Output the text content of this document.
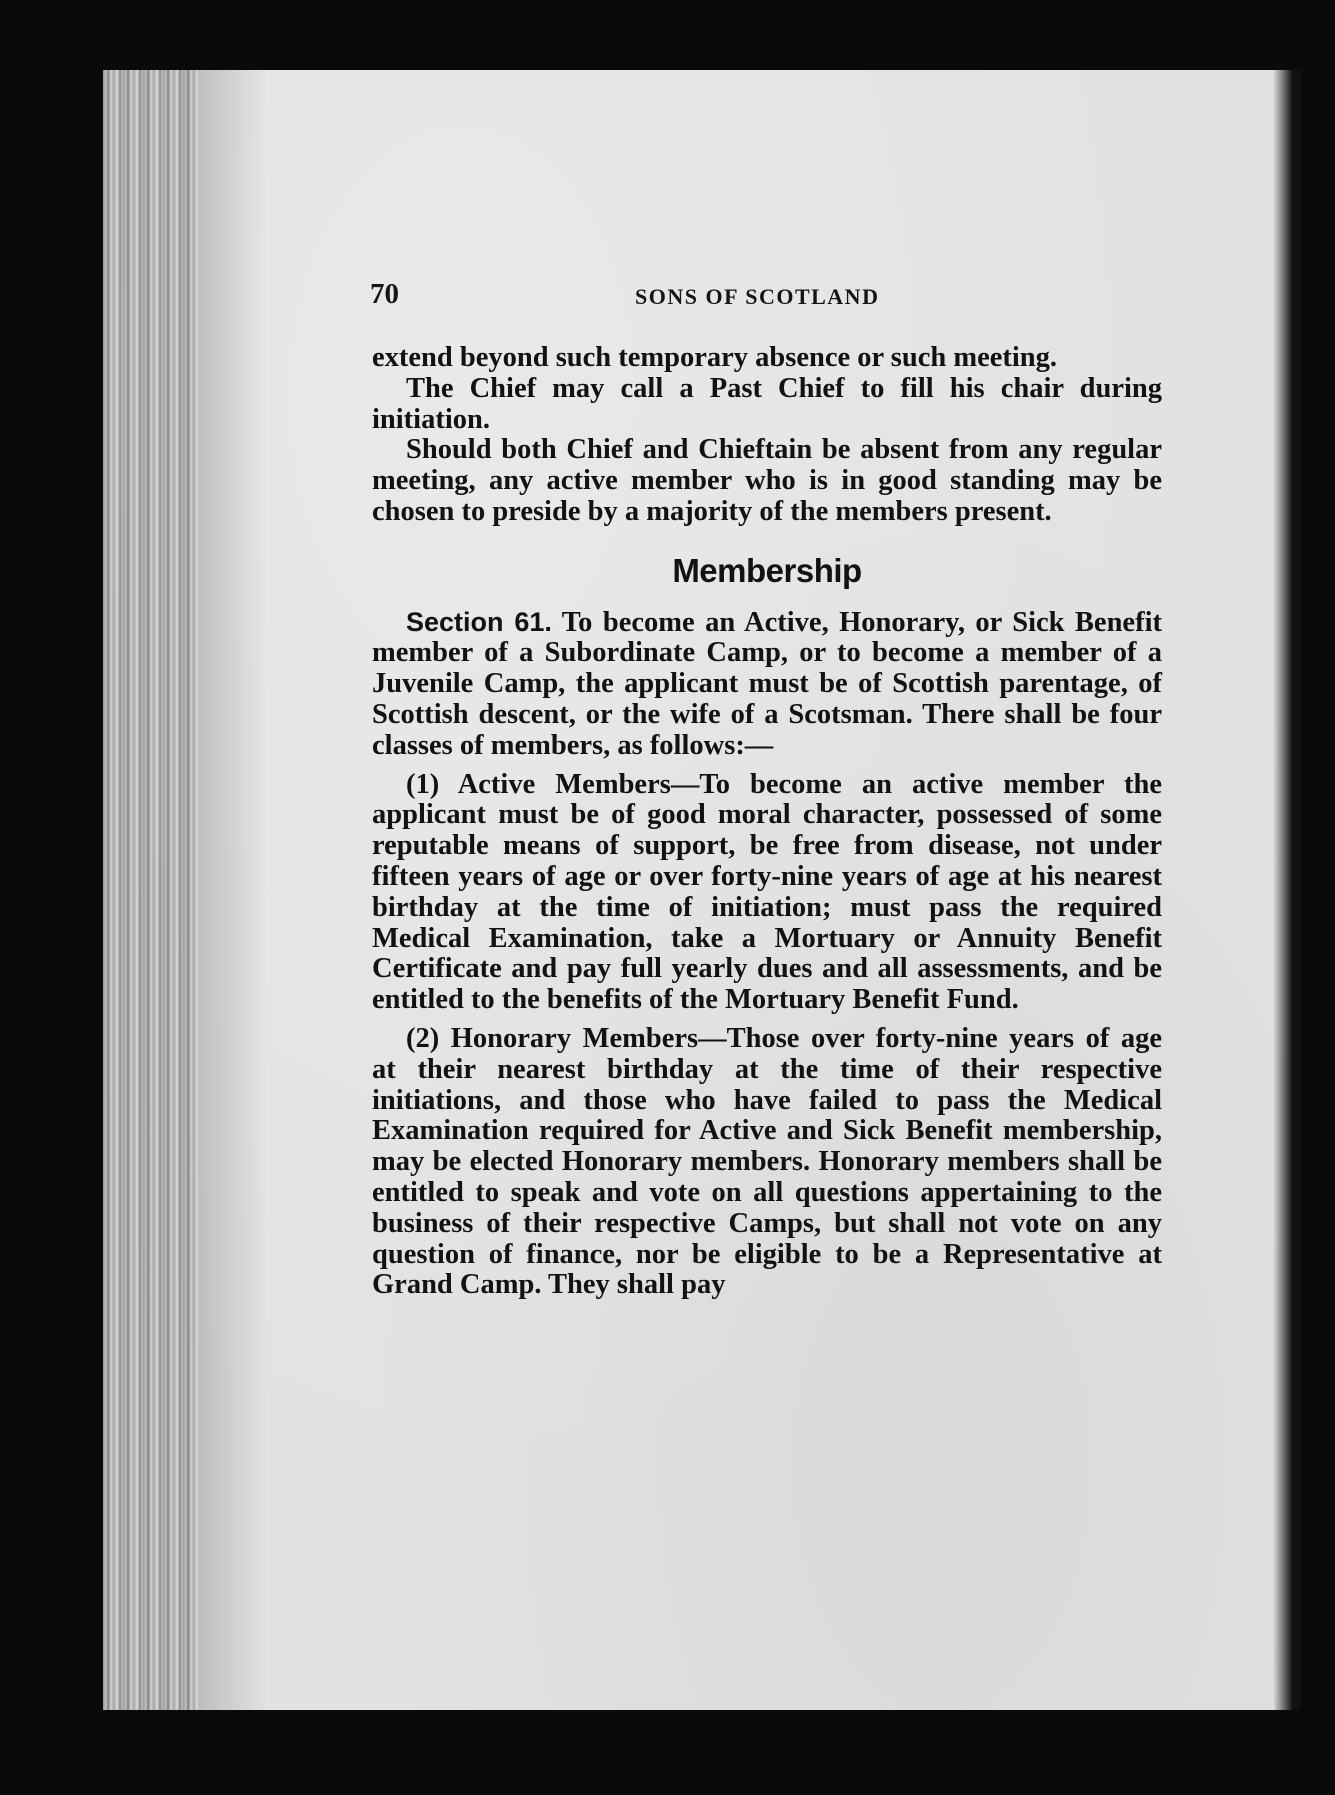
70	SONS OF SCOTLAND

extend beyond such temporary absence or such meeting.

The Chief may call a Past Chief to fill his chair during initiation.

Should both Chief and Chieftain be absent from any regular meeting, any active member who is in good standing may be chosen to preside by a majority of the members present.

Membership

Section 61. To become an Active, Honorary, or Sick Benefit member of a Subordinate Camp, or to become a member of a Juvenile Camp, the applicant must be of Scottish parentage, of Scottish descent, or the wife of a Scotsman. There shall be four classes of members, as follows:—

(1) Active Members—To become an active member the applicant must be of good moral character, possessed of some reputable means of support, be free from disease, not under fifteen years of age or over forty-nine years of age at his nearest birthday at the time of initiation; must pass the required Medical Examination, take a Mortuary or Annuity Benefit Certificate and pay full yearly dues and all assessments, and be entitled to the benefits of the Mortuary Benefit Fund.

(2) Honorary Members—Those over forty-nine years of age at their nearest birthday at the time of their respective initiations, and those who have failed to pass the Medical Examination required for Active and Sick Benefit membership, may be elected Honorary members. Honorary members shall be entitled to speak and vote on all questions appertaining to the business of their respective Camps, but shall not vote on any question of finance, nor be eligible to be a Representative at Grand Camp. They shall pay
